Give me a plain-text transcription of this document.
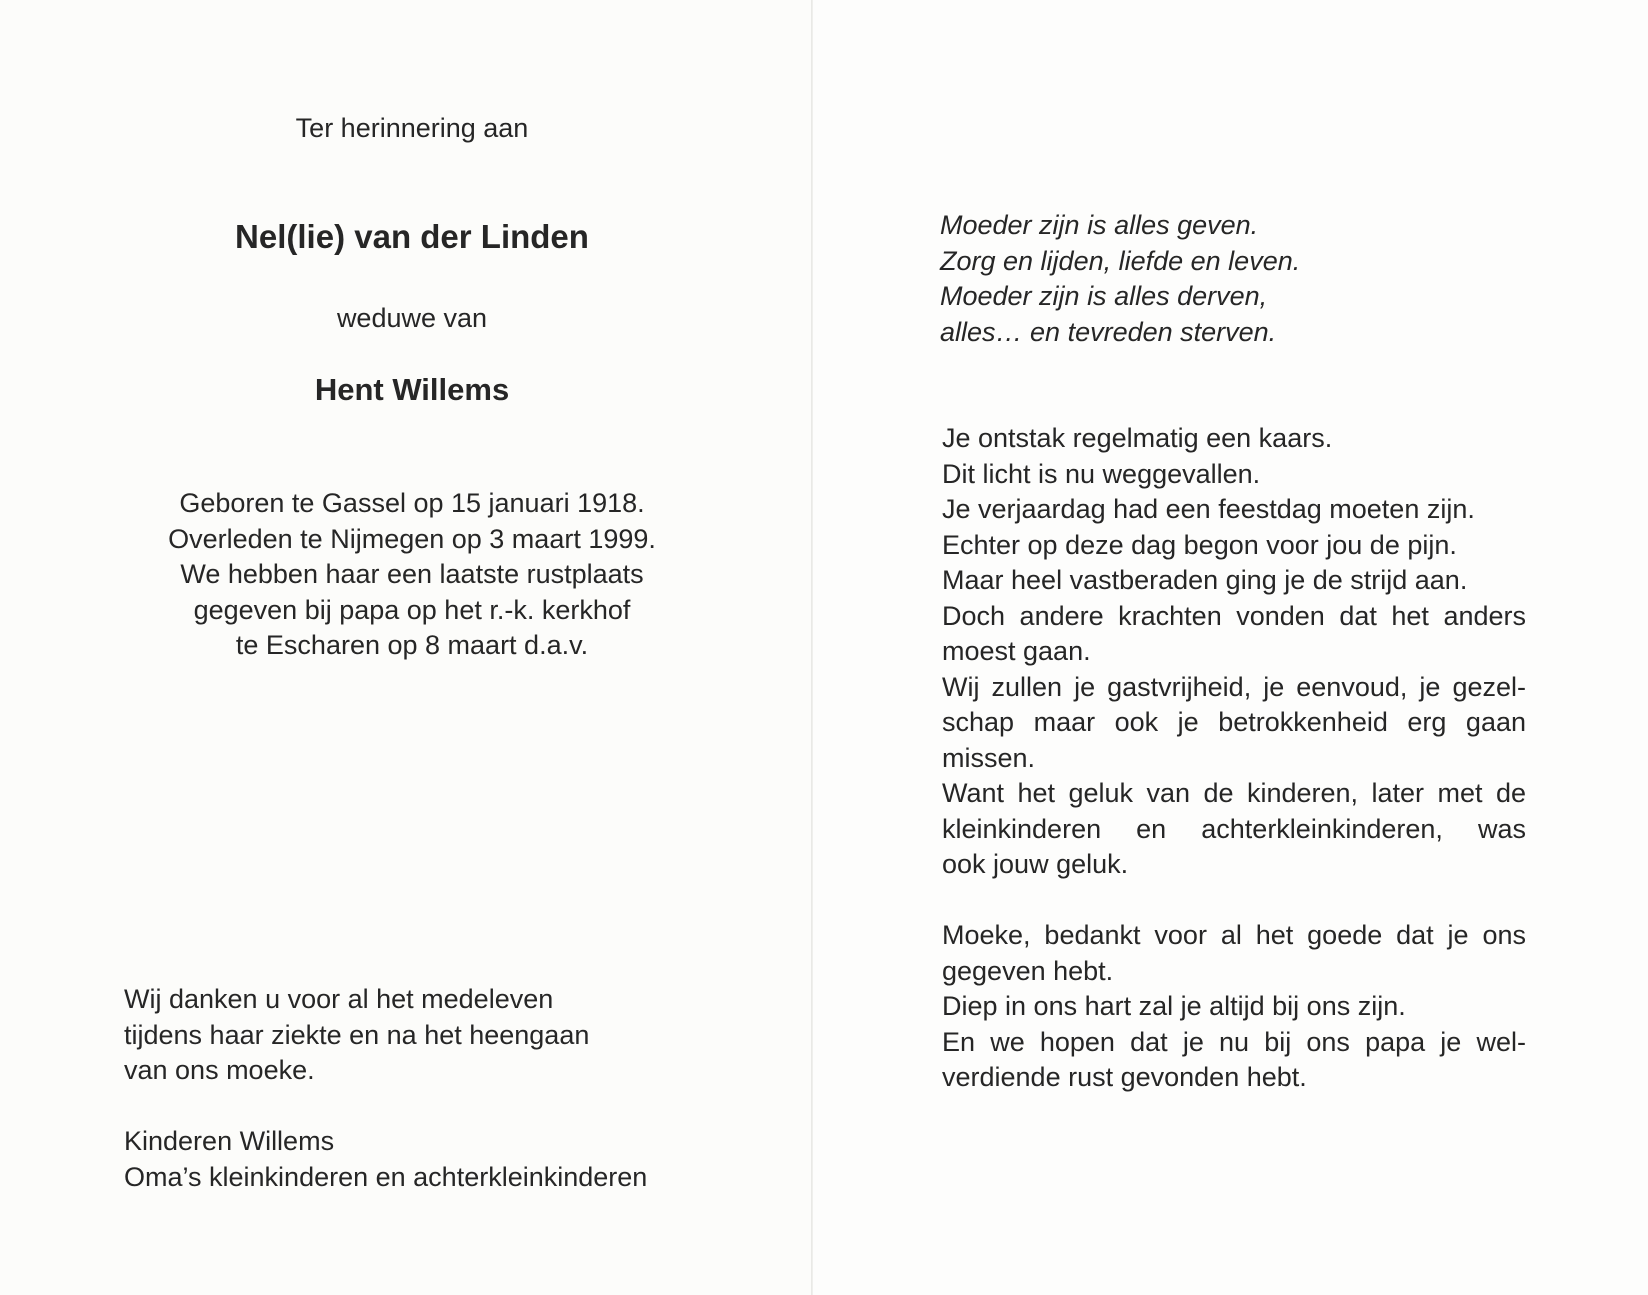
Ter herinnering aan

Nel(lie) van der Linden

weduwe van

Hent Willems

Geboren te Gassel op 15 januari 1918.
Overleden te Nijmegen op 3 maart 1999.
We hebben haar een laatste rustplaats
gegeven bij papa op het r.-k. kerkhof
te Escharen op 8 maart d.a.v.
Wij danken u voor al het medeleven
tijdens haar ziekte en na het heengaan
van ons moeke.
Kinderen Willems
Oma’s kleinkinderen en achterkleinkinderen
Moeder zijn is alles geven.
Zorg en lijden, liefde en leven.
Moeder zijn is alles derven,
alles… en tevreden sterven.
Je ontstak regelmatig een kaars.
Dit licht is nu weggevallen.
Je verjaardag had een feestdag moeten zijn.
Echter op deze dag begon voor jou de pijn.
Maar heel vastberaden ging je de strijd aan.
Doch andere krachten vonden dat het anders
moest gaan.
Wij zullen je gastvrijheid, je eenvoud, je gezel-
schap maar ook je betrokkenheid erg gaan
missen.
Want het geluk van de kinderen, later met de
kleinkinderen en achterkleinkinderen, was
ook jouw geluk.
Moeke, bedankt voor al het goede dat je ons
gegeven hebt.
Diep in ons hart zal je altijd bij ons zijn.
En we hopen dat je nu bij ons papa je wel-
verdiende rust gevonden hebt.
